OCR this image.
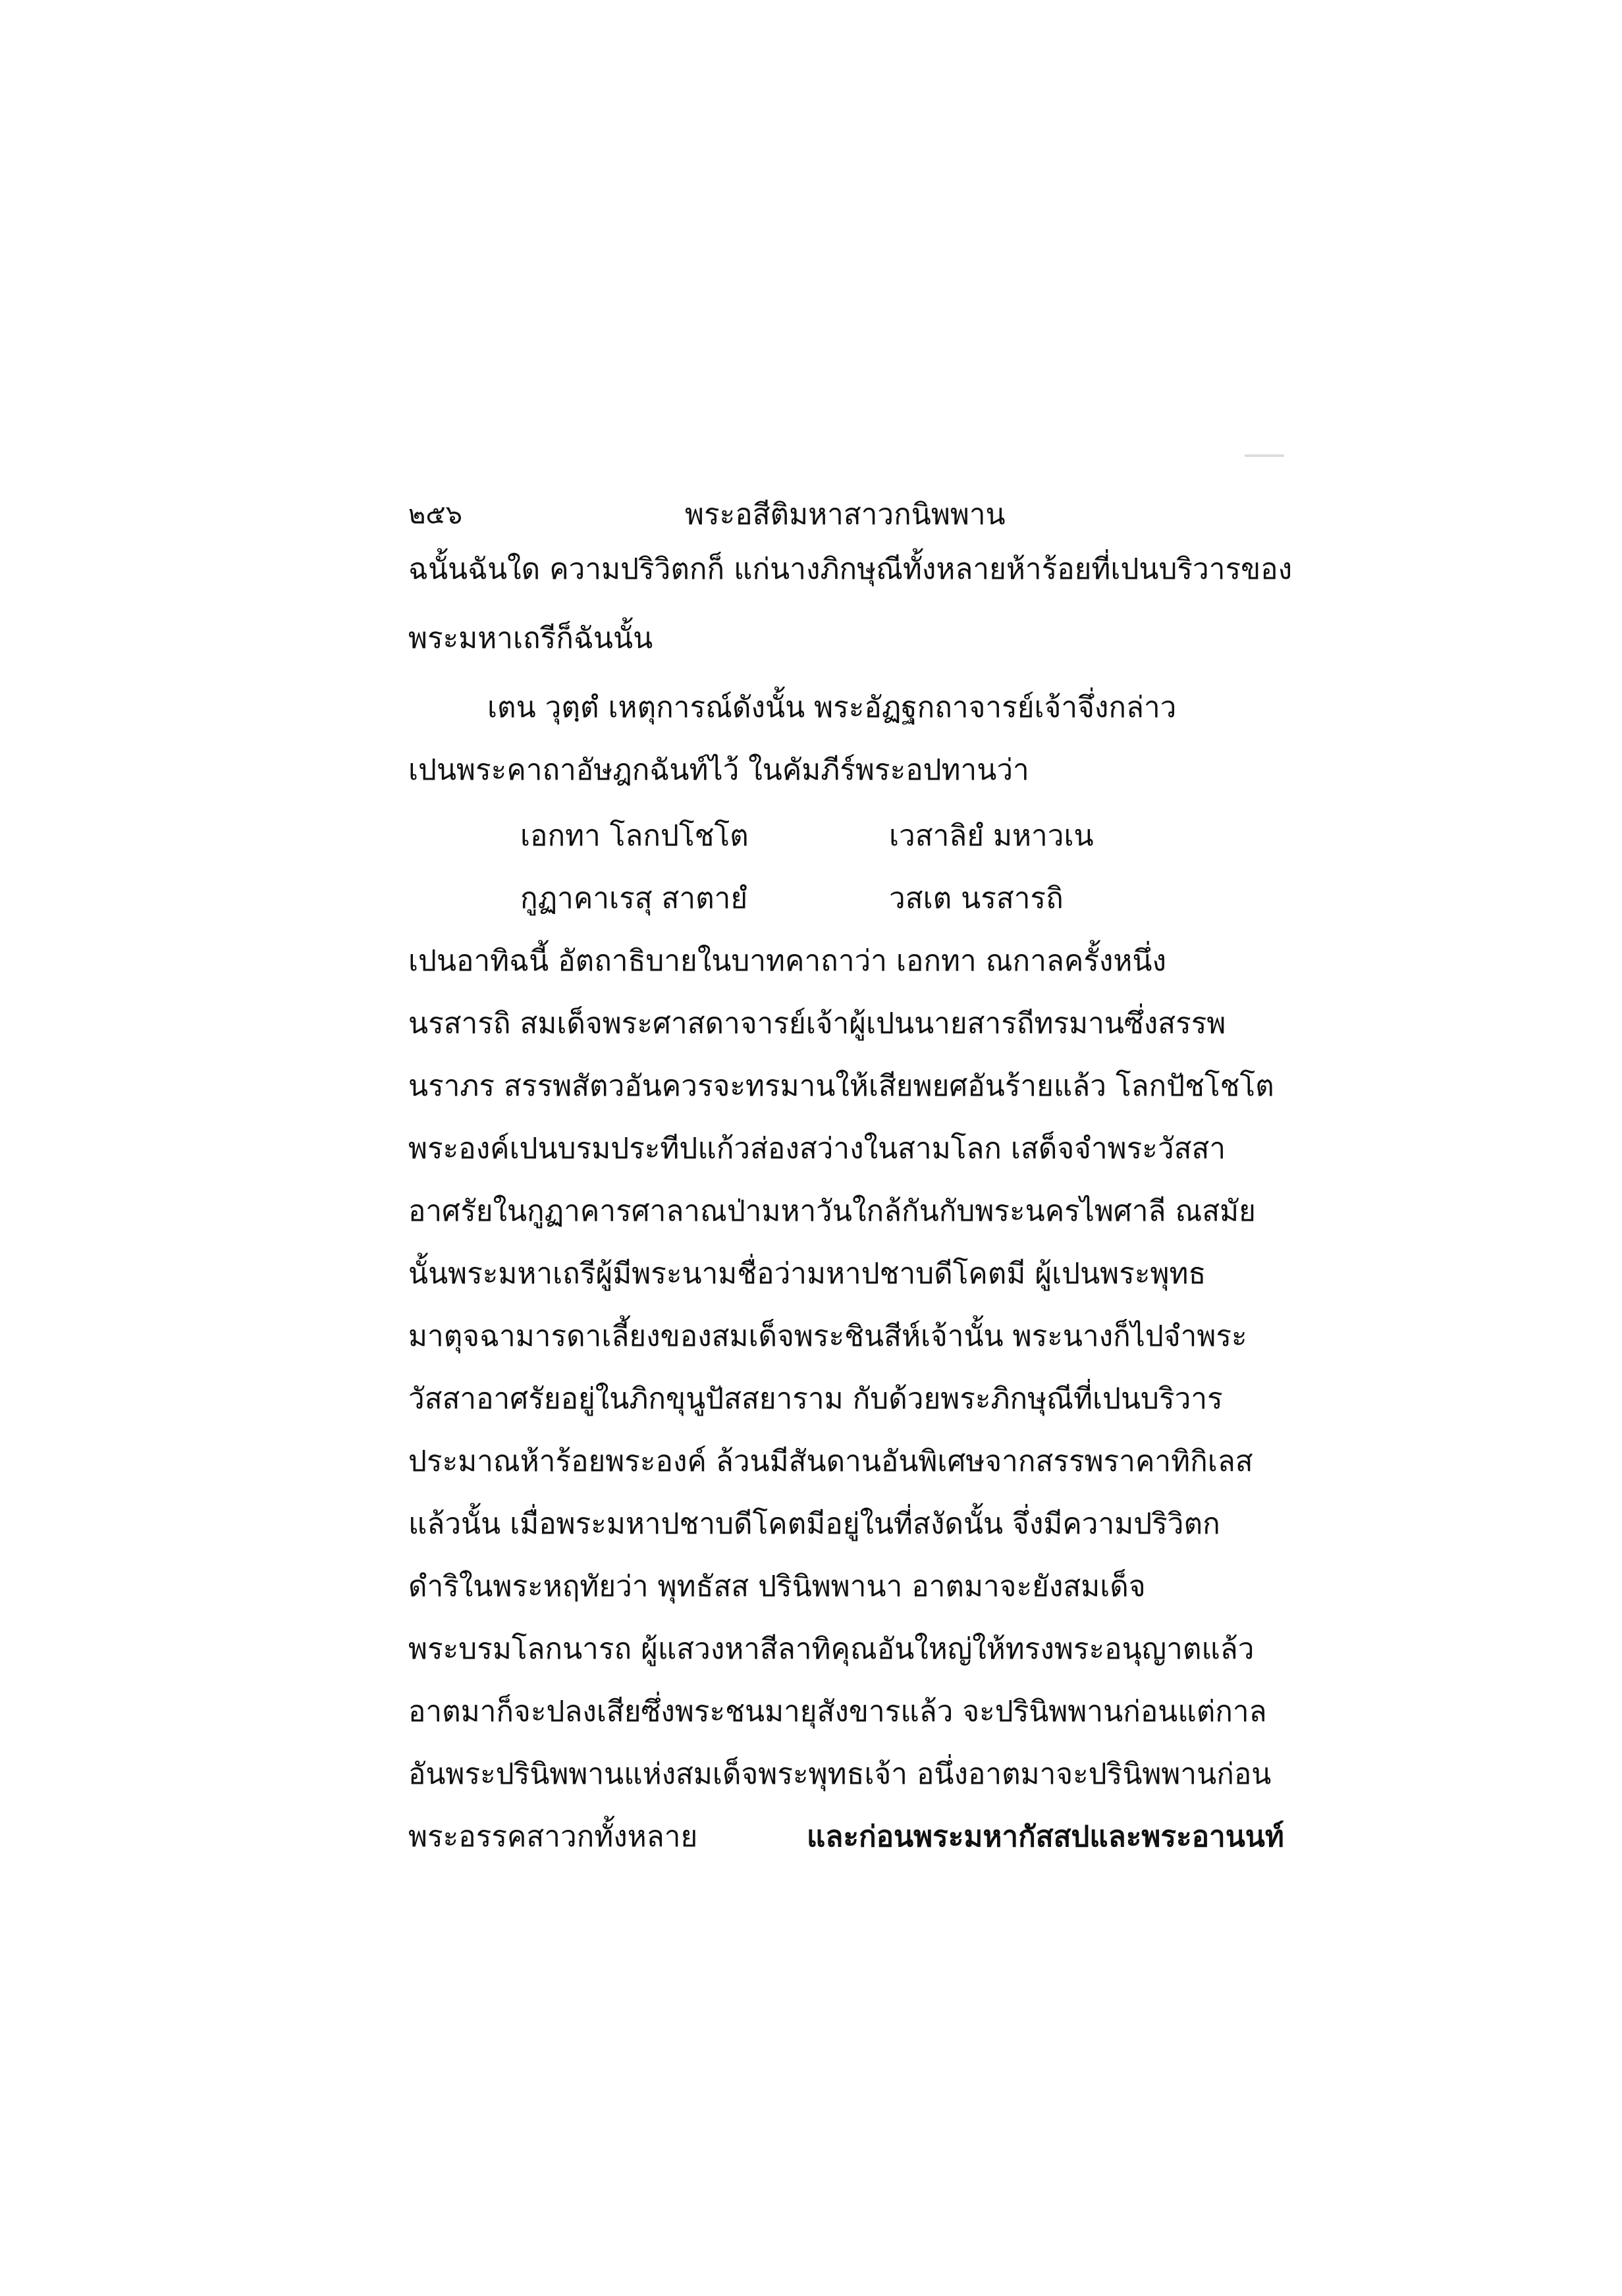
๒๕๖	พระอสีติมหาสาวกนิพพาน
ฉนั้นฉันใด ความปริวิตกก็ แก่นางภิกษุณีทั้งหลายห้าร้อยที่เปนบริวารของ
พระมหาเถรีก็ฉันนั้น
เตน วุตฺตํ เหตุการณ์ดังนั้น พระอัฏฐกถาจารย์เจ้าจึ่งกล่าว
เปนพระคาถาอัษฎกฉันท์ไว้ ในคัมภีร์พระอปทานว่า
เอกทา โลกปโชโต	เวสาลิยํ มหาวเน
กูฏาคาเรสุ สาตายํ	วสเต นรสารถิ
เปนอาทิฉนี้ อัตถาธิบายในบาทคาถาว่า เอกทา ณกาลครั้งหนึ่ง
นรสารถิ สมเด็จพระศาสดาจารย์เจ้าผู้เปนนายสารถีทรมานซึ่งสรรพ
นราภร สรรพสัตวอันควรจะทรมานให้เสียพยศอันร้ายแล้ว โลกปัชโชโต
พระองค์เปนบรมประทีปแก้วส่องสว่างในสามโลก เสด็จจำพระวัสสา
อาศรัยในกูฏาคารศาลาณป่ามหาวันใกล้กันกับพระนครไพศาลี ณสมัย
นั้นพระมหาเถรีผู้มีพระนามชื่อว่ามหาปชาบดีโคตมี ผู้เปนพระพุทธ
มาตุจฉามารดาเลี้ยงของสมเด็จพระชินสีห์เจ้านั้น พระนางก็ไปจำพระ
วัสสาอาศรัยอยู่ในภิกขุนูปัสสยาราม กับด้วยพระภิกษุณีที่เปนบริวาร
ประมาณห้าร้อยพระองค์ ล้วนมีสันดานอันพิเศษจากสรรพราคาทิกิเลส
แล้วนั้น เมื่อพระมหาปชาบดีโคตมีอยู่ในที่สงัดนั้น จึ่งมีความปริวิตก
ดำริในพระหฤทัยว่า พุทธัสส ปรินิพพานา อาตมาจะยังสมเด็จ
พระบรมโลกนารถ ผู้แสวงหาสีลาทิคุณอันใหญ่ให้ทรงพระอนุญาตแล้ว
อาตมาก็จะปลงเสียซึ่งพระชนมายุสังขารแล้ว จะปรินิพพานก่อนแต่กาล
อันพระปรินิพพานแห่งสมเด็จพระพุทธเจ้า อนึ่งอาตมาจะปรินิพพานก่อน
พระอรรคสาวกทั้งหลาย	และก่อนพระมหากัสสปและพระอานนท์
